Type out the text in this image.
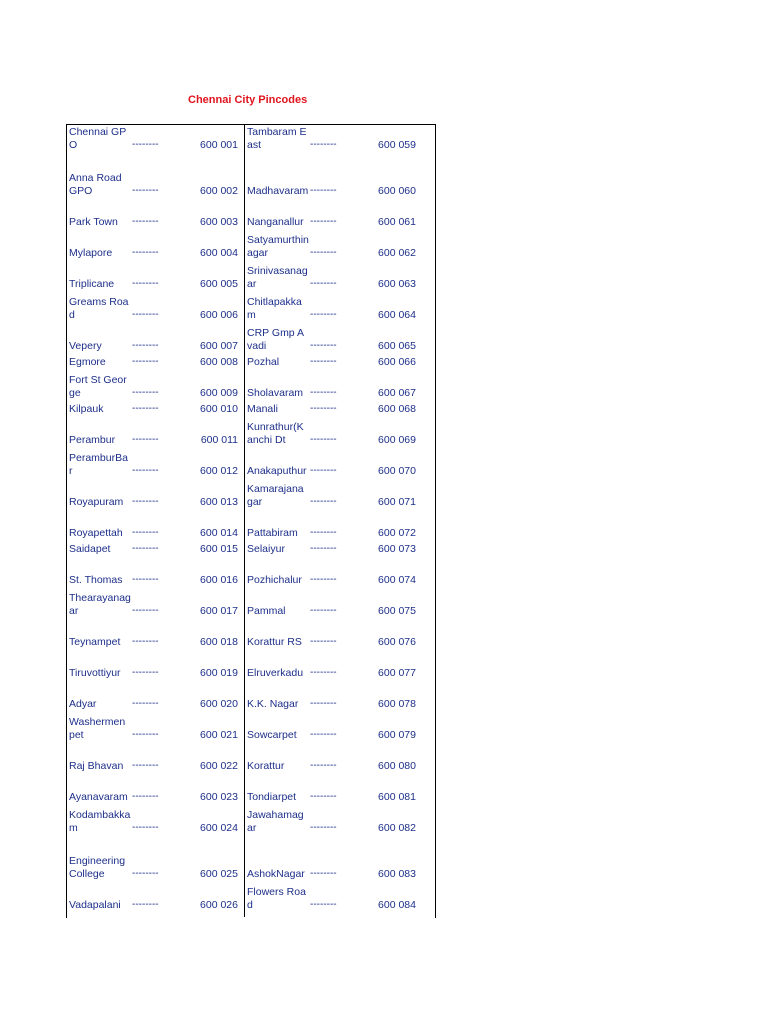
Chennai City Pincodes
Chennai GPO	--------	600 001
Anna Road GPO	--------	600 002
Park Town	--------	600 003
Mylapore	--------	600 004
Triplicane	--------	600 005
Greams Road	--------	600 006
Vepery	--------	600 007
Egmore	--------	600 008
Fort St George	--------	600 009
Kilpauk	--------	600 010
Perambur	--------	600 011
PeramburBar	--------	600 012
Royapuram --------	600 013
Royapettah --------	600 014
Saidapet	--------	600 015
St. Thomas --------	600 016
Thearayanagar	--------	600 017
Teynampet	--------	600 018
Tiruvottiyur	--------	600 019
Adyar	--------	600 020
Washermenpet	--------	600 021
Raj Bhavan --------	600 022
Ayanavaram --------	600 023
Kodambakkam	--------	600 024
Engineering College	--------	600 025
Vadapalani	--------	600 026
Tambaram East	--------	600 059
Madhavaram --------	600 060
Nanganallur --------	600 061
Satyamurthinagar	--------	600 062
Srinivasanagar	--------	600 063
Chitlapakkam	--------	600 064
CRP Gmp Avadi	--------	600 065
Pozhal	--------	600 066
Sholavaram --------	600 067
Manali	--------	600 068
Kunrathur(Kanchi Dt	--------	600 069
Anakaputhur --------	600 070
Kamarajanagar	--------	600 071
Pattabiram	--------	600 072
Selaiyur	--------	600 073
Pozhichalur --------	600 074
Pammal	--------	600 075
Korattur RS --------	600 076
Elruverkadu --------	600 077
K.K. Nagar	--------	600 078
Sowcarpet	--------	600 079
Korattur	--------	600 080
Tondiarpet	--------	600 081
Jawahamagar	--------	600 082
AshokNagar --------	600 083
Flowers Road	--------	600 084
